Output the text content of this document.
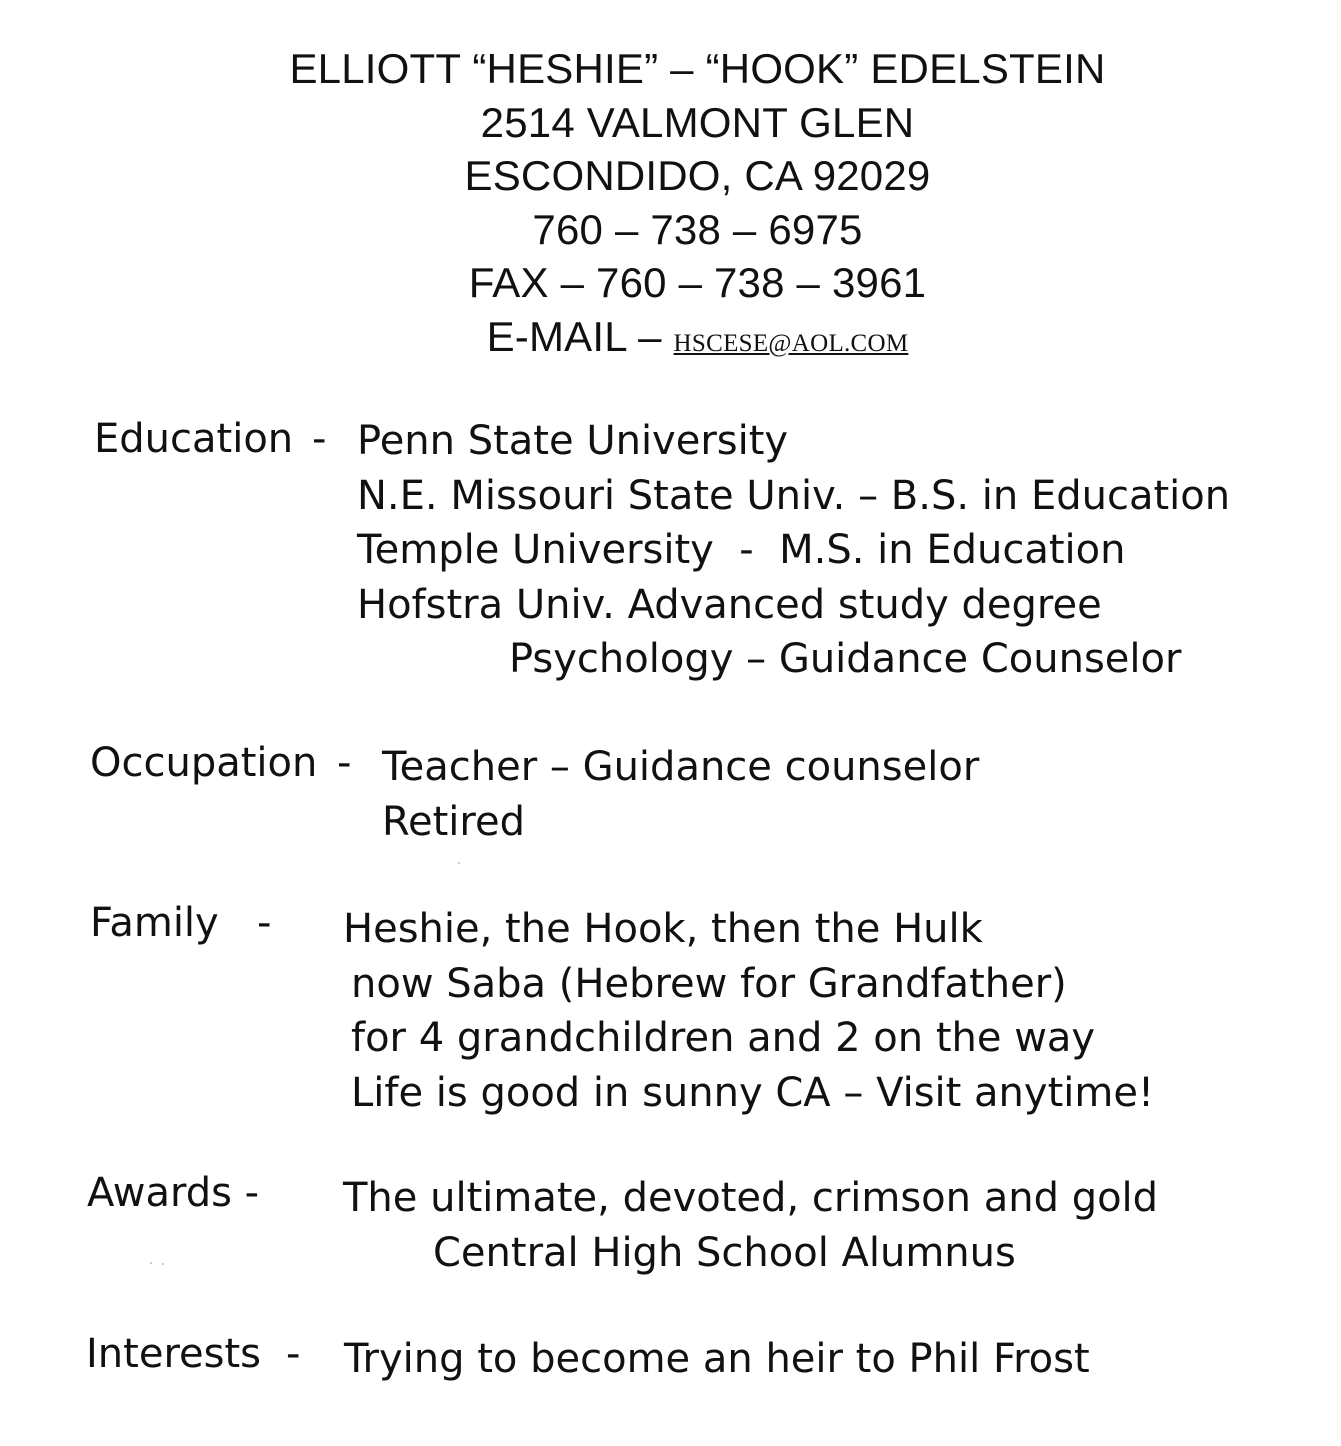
ELLIOTT “HESHIE” – “HOOK” EDELSTEIN
2514 VALMONT GLEN
ESCONDIDO, CA 92029
760 – 738 – 6975
FAX – 760 – 738 – 3961
E-MAIL – HSCESE@AOL.COM
Education - Penn State University
N.E. Missouri State Univ. – B.S. in Education
Temple University  -  M.S. in Education
Hofstra Univ. Advanced study degree
Psychology – Guidance Counselor
Occupation - Teacher – Guidance counselor
Retired
Family - Heshie, the Hook, then the Hulk
now Saba (Hebrew for Grandfather)
for 4 grandchildren and 2 on the way
Life is good in sunny CA – Visit anytime!
Awards - The ultimate, devoted, crimson and gold
Central High School Alumnus
Interests - Trying to become an heir to Phil Frost
